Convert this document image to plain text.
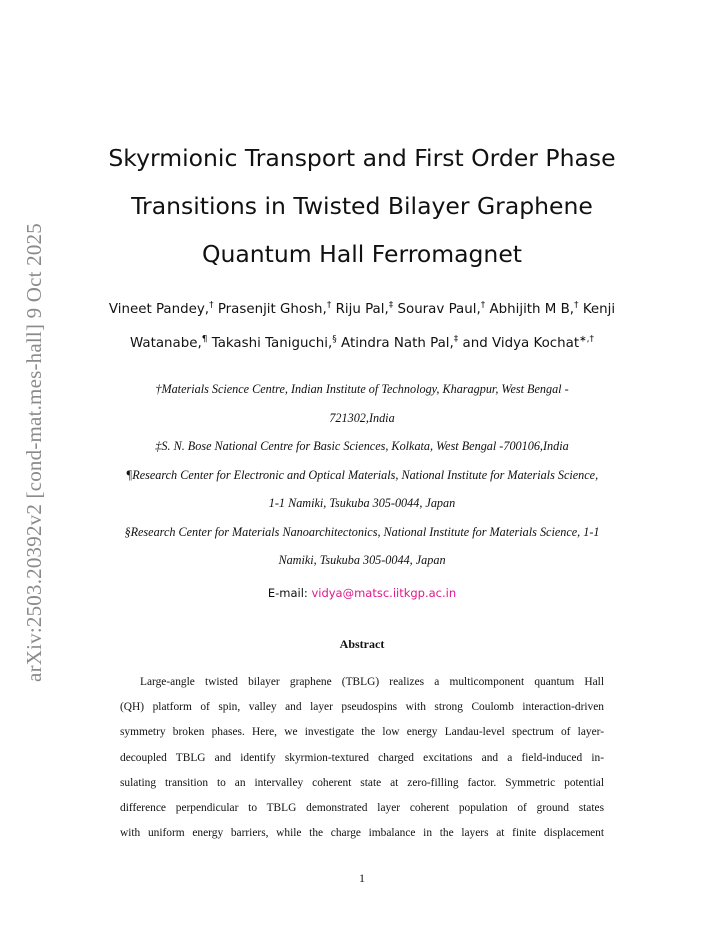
arXiv:2503.20392v2 [cond-mat.mes-hall] 9 Oct 2025
Skyrmionic Transport and First Order Phase
Transitions in Twisted Bilayer Graphene
Quantum Hall Ferromagnet
Vineet Pandey,† Prasenjit Ghosh,† Riju Pal,‡ Sourav Paul,† Abhijith M B,† Kenji
Watanabe,¶ Takashi Taniguchi,§ Atindra Nath Pal,‡ and Vidya Kochat∗,†
†Materials Science Centre, Indian Institute of Technology, Kharagpur, West Bengal -
721302,India
‡S. N. Bose National Centre for Basic Sciences, Kolkata, West Bengal -700106,India
¶Research Center for Electronic and Optical Materials, National Institute for Materials Science,
1-1 Namiki, Tsukuba 305-0044, Japan
§Research Center for Materials Nanoarchitectonics, National Institute for Materials Science, 1-1
Namiki, Tsukuba 305-0044, Japan
E-mail: vidya@matsc.iitkgp.ac.in
Abstract
Large-angle twisted bilayer graphene (TBLG) realizes a multicomponent quantum Hall
(QH) platform of spin, valley and layer pseudospins with strong Coulomb interaction-driven
symmetry broken phases. Here, we investigate the low energy Landau-level spectrum of layer-
decoupled TBLG and identify skyrmion-textured charged excitations and a field-induced in-
sulating transition to an intervalley coherent state at zero-filling factor. Symmetric potential
difference perpendicular to TBLG demonstrated layer coherent population of ground states
with uniform energy barriers, while the charge imbalance in the layers at finite displacement
1
